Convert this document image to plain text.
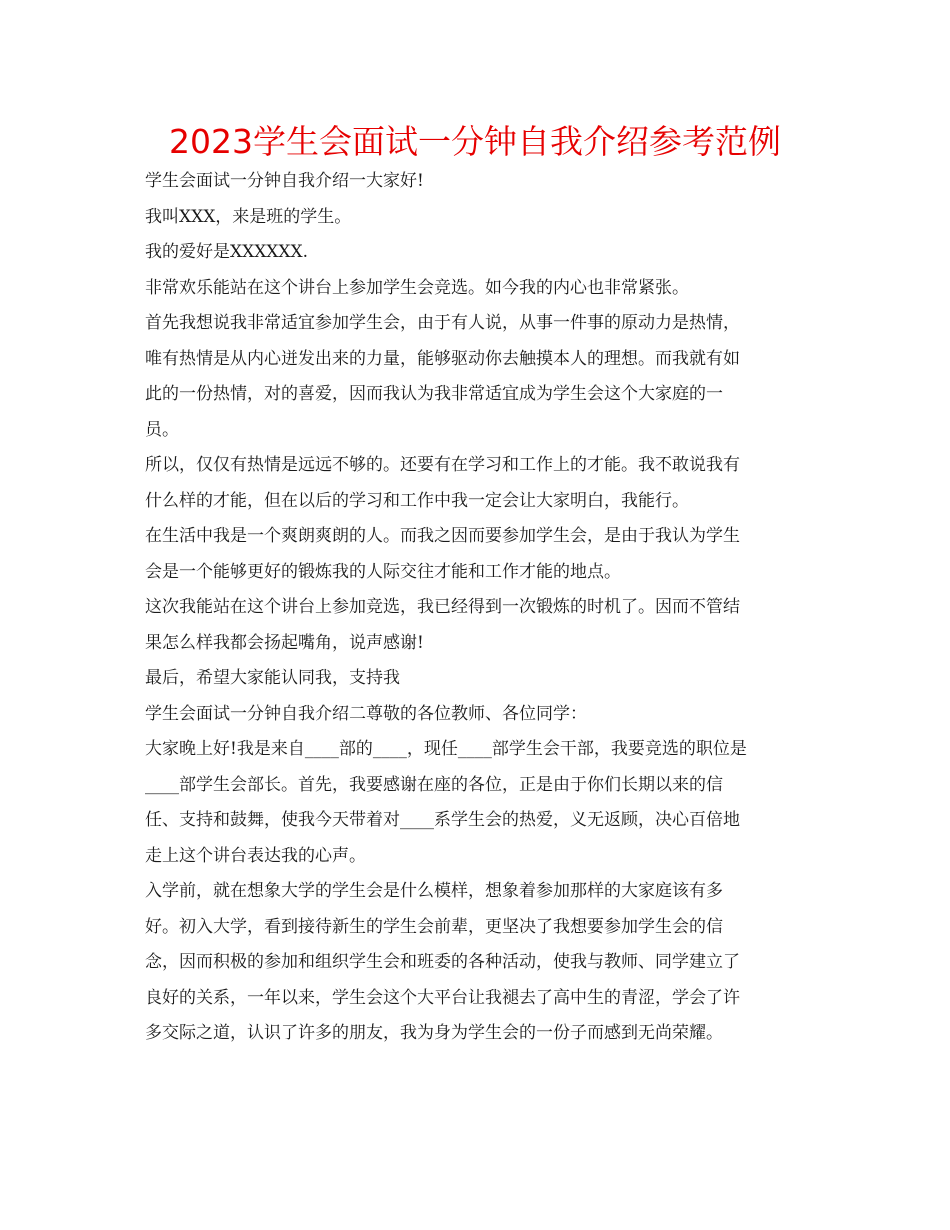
2023学生会面试一分钟自我介绍参考范例
学生会面试一分钟自我介绍一大家好!
我叫XXX，来是班的学生。
我的爱好是XXXXXX.
非常欢乐能站在这个讲台上参加学生会竞选。如今我的内心也非常紧张。
首先我想说我非常适宜参加学生会，由于有人说，从事一件事的原动力是热情，
唯有热情是从内心迸发出来的力量，能够驱动你去触摸本人的理想。而我就有如
此的一份热情，对的喜爱，因而我认为我非常适宜成为学生会这个大家庭的一
员。
所以，仅仅有热情是远远不够的。还要有在学习和工作上的才能。我不敢说我有
什么样的才能，但在以后的学习和工作中我一定会让大家明白，我能行。
在生活中我是一个爽朗爽朗的人。而我之因而要参加学生会，是由于我认为学生
会是一个能够更好的锻炼我的人际交往才能和工作才能的地点。
这次我能站在这个讲台上参加竞选，我已经得到一次锻炼的时机了。因而不管结
果怎么样我都会扬起嘴角，说声感谢!
最后，希望大家能认同我，支持我
学生会面试一分钟自我介绍二尊敬的各位教师、各位同学：
大家晚上好!我是来自____部的____，现任____部学生会干部，我要竞选的职位是
____部学生会部长。首先，我要感谢在座的各位，正是由于你们长期以来的信
任、支持和鼓舞，使我今天带着对____系学生会的热爱，义无返顾，决心百倍地
走上这个讲台表达我的心声。
入学前，就在想象大学的学生会是什么模样，想象着参加那样的大家庭该有多
好。初入大学，看到接待新生的学生会前辈，更坚决了我想要参加学生会的信
念，因而积极的参加和组织学生会和班委的各种活动，使我与教师、同学建立了
良好的关系，一年以来，学生会这个大平台让我褪去了高中生的青涩，学会了许
多交际之道，认识了许多的朋友，我为身为学生会的一份子而感到无尚荣耀。
